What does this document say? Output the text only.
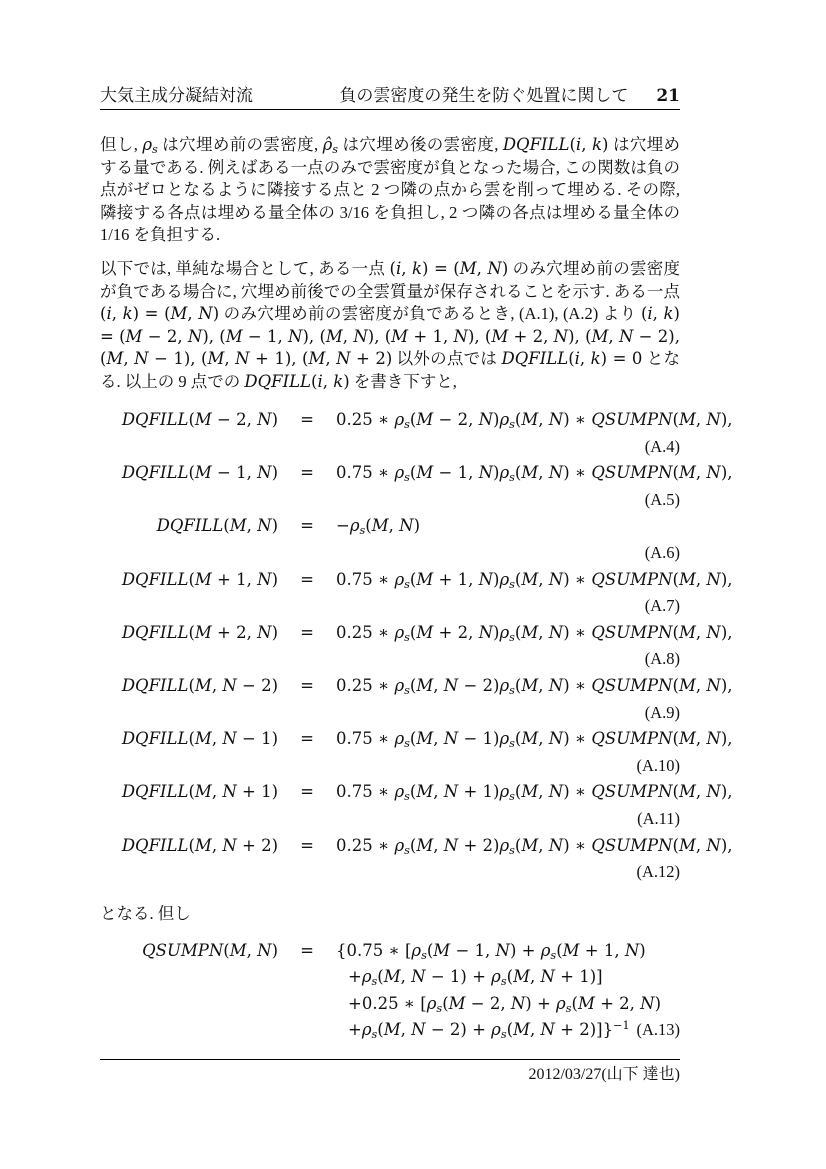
大気主成分凝結対流	負の雲密度の発生を防ぐ処置に関して 21

但し, $\rho_s$ は穴埋め前の雲密度, $\rhô_s$ は穴埋め後の雲密度, DQFILL(i, k) は穴埋めする量である. 例えばある一点のみで雲密度が負となった場合, この関数は負の点がゼロとなるように隣接する点と 2 つ隣の点から雲を削って埋める. その際, 隣接する各点は埋める量全体の 3/16 を負担し, 2 つ隣の各点は埋める量全体の 1/16 を負担する.

以下では, 単純な場合として, ある一点 (i, k) = (M, N) のみ穴埋め前の雲密度が負である場合に, 穴埋め前後での全雲質量が保存されることを示す. ある一点 (i, k) = (M, N) のみ穴埋め前の雲密度が負であるとき, (A.1), (A.2) より (i, k) = (M − 2, N), (M − 1, N), (M, N), (M + 1, N), (M + 2, N), (M, N − 2), (M, N − 1), (M, N + 1), (M, N + 2) 以外の点では DQFILL(i, k) = 0 となる. 以上の 9 点での DQFILL(i, k) を書き下すと,

DQFILL(M − 2, N)	=	0.25 ∗ $\rho_s(M - 2$, $N)\rho_s(M$, N) ∗ QSUMPN(M, N),
(A.4)
DQFILL(M − 1, N)	=	0.75 ∗ $\rho_s(M - 1$, $N)\rho_s(M$, N) ∗ QSUMPN(M, N),
(A.5)
DQFILL(M, N)	=	$-\rho_s(M$, N)
(A.6)
DQFILL(M + 1, N)	=	0.75 ∗ $\rho_s(M + 1$, $N)\rho_s(M$, N) ∗ QSUMPN(M, N),
(A.7)
DQFILL(M + 2, N)	=	0.25 ∗ $\rho_s(M + 2$, $N)\rho_s(M$, N) ∗ QSUMPN(M, N),
(A.8)
DQFILL(M, N − 2)	=	0.25 ∗ $\rho_s(M$, $N - 2)\rho_s(M$, N) ∗ QSUMPN(M, N),
(A.9)
DQFILL(M, N − 1)	=	0.75 ∗ $\rho_s(M$, $N - 1)\rho_s(M$, N) ∗ QSUMPN(M, N),
(A.10)
DQFILL(M, N + 1)	=	0.75 ∗ $\rho_s(M$, $N + 1)\rho_s(M$, N) ∗ QSUMPN(M, N),
(A.11)
DQFILL(M, N + 2)	=	0.25 ∗ $\rho_s(M$, $N + 2)\rho_s(M$, N) ∗ QSUMPN(M, N),
(A.12)

となる. 但し

QSUMPN(M, N)	=	{0.75 ∗ [$\rho_s(M - 1$, $N) + \rho_s(M + 1$, N)
$+\rho_s(M$, $N - 1) + \rho_s(M$, N + 1)]
+0.25 ∗ [$\rho_s(M - 2$, $N) + \rho_s(M + 2$, N)
$+\rho_s(M$, $N - 2) + \rho_s(M$, N + 2)]}$^{-1}$ (A.13)
2012/03/27(山下 達也)
